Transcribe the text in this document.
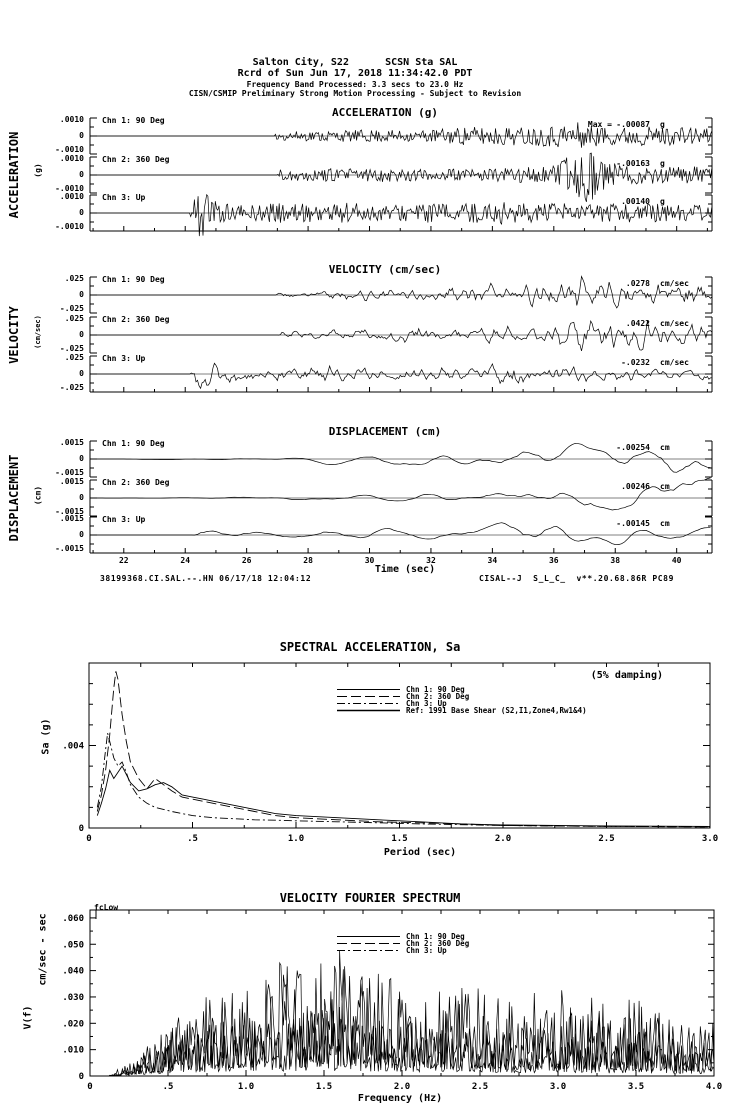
Salton City, S22      SCSN Sta SAL
Rcrd of Sun Jun 17, 2018 11:34:42.0 PDT
Frequency Band Processed: 3.3 secs to 23.0 Hz
CISN/CSMIP Preliminary Strong Motion Processing - Subject to Revision
ACCELERATION (g)
VELOCITY (cm/sec)
DISPLACEMENT (cm)
ACCELERATION (g)
VELOCITY (cm/sec)
DISPLACEMENT (cm)
Time (sec)
38199368.CI.SAL.--.HN 06/17/18 12:04:12	CISAL--J  S_L_C_  v**.20.68.86R PC89
SPECTRAL ACCELERATION, Sa
(5% damping)
Sa (g)
Period (sec)
VELOCITY FOURIER SPECTRUM
fcLow
V(f)
cm/sec - sec
Frequency (Hz)
.0010
0
-.0010
Chn 1: 90 Deg	Max = -.00087 g
.0010
0
-.0010
Chn 2: 360 Deg	-.00163 g
.0010
0
-.0010
Chn 3: Up	.00140 g
.025
0
-.025
Chn 1: 90 Deg	.0278 cm/sec
.025
0
-.025
Chn 2: 360 Deg	.0422 cm/sec
.025
0
-.025
Chn 3: Up	-.0232 cm/sec
.0015
0
-.0015
Chn 1: 90 Deg	-.00254 cm
.0015
0
-.0015
Chn 2: 360 Deg	.00246 cm
.0015
0
-.0015
Chn 3: Up	-.00145 cm
22	24	26	28	30	32	34	36	38	40
.004
0
0	.5	1.0	1.5	2.0	2.5	3.0
Chn 1: 90 Deg
Chn 2: 360 Deg
Chn 3: Up
Ref: 1991 Base Shear (S2,I1,Zone4,Rw1&4)
.060
.050
.040
.030
.020
.010
0
0	.5	1.0	1.5	2.0	2.5	3.0	3.5	4.0
Chn 1: 90 Deg
Chn 2: 360 Deg
Chn 3: Up
